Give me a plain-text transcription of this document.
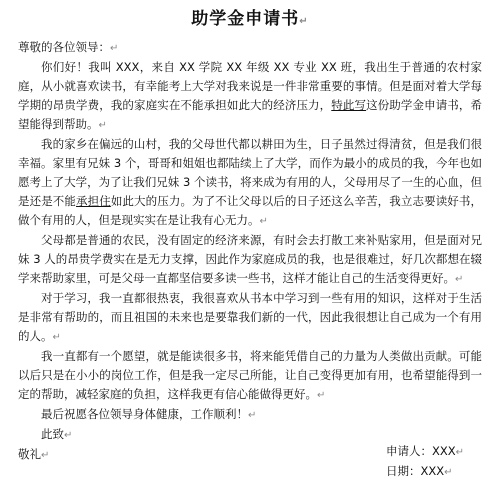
助学金申请书↵
尊敬的各位领导：↵

你们好！我叫 XXX，来自 XX 学院 XX 年级 XX 专业 XX 班，我出生于普通的农村家庭，从小就喜欢读书，有幸能考上大学对我来说是一件非常重要的事情。但是面对着大学每学期的昂贵学费，我的家庭实在不能承担如此大的经济压力，特此写这份助学金申请书，希望能得到帮助。↵

我的家乡在偏远的山村，我的父母世代都以耕田为生，日子虽然过得清贫，但是我们很幸福。家里有兄妹 3 个，哥哥和姐姐也都陆续上了大学，而作为最小的成员的我，今年也如愿考上了大学，为了让我们兄妹 3 个读书，将来成为有用的人，父母用尽了一生的心血，但是还是不能承担住如此大的压力。为了不让父母以后的日子还这么辛苦，我立志要读好书，做个有用的人，但是现实实在是让我有心无力。↵

父母都是普通的农民，没有固定的经济来源，有时会去打散工来补贴家用，但是面对兄妹 3 人的昂贵学费实在是无力支撑，因此作为家庭成员的我，也是很难过，好几次都想在辍学来帮助家里，可是父母一直都坚信要多读一些书，这样才能让自己的生活变得更好。↵

对于学习，我一直都很热衷，我很喜欢从书本中学习到一些有用的知识，这样对于生活是非常有帮助的，而且祖国的未来也是要靠我们新的一代，因此我很想让自己成为一个有用的人。↵

我一直都有一个愿望，就是能读很多书，将来能凭借自己的力量为人类做出贡献。可能以后只是在小小的岗位工作，但是我一定尽己所能，让自己变得更加有用，也希望能得到一定的帮助，减轻家庭的负担，这样我更有信心能做得更好。↵

最后祝愿各位领导身体健康，工作顺利！↵
此致↵
敬礼↵	申请人：XXX↵
日期：XXX↵
